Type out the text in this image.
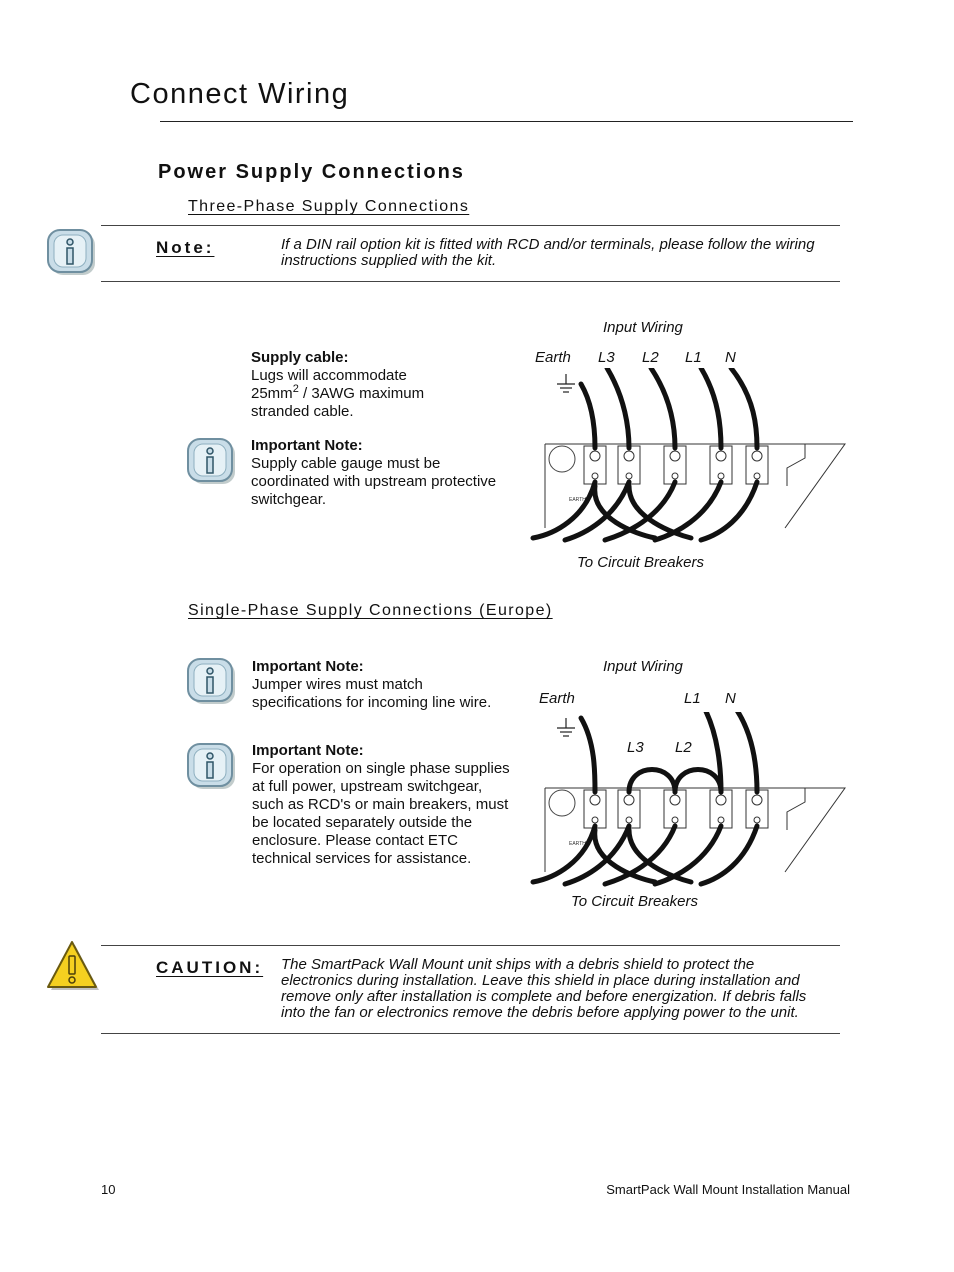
Connect Wiring
Power Supply Connections
Three-Phase Supply Connections
Note:	If a DIN rail option kit is fitted with RCD and/or terminals, please follow the wiring
instructions supplied with the kit.
Supply cable:
Lugs will accommodate
$25mm^2 / 3AWG$ maximum
stranded cable.
Important Note:
Supply cable gauge must be
coordinated with upstream protective
switchgear.
Input Wiring
Earth L3 L2 L1 N
EARTH
To Circuit Breakers
Single-Phase Supply Connections (Europe)
Important Note:
Jumper wires must match
specifications for incoming line wire.
Important Note:
For operation on single phase supplies
at full power, upstream switchgear,
such as RCD's or main breakers, must
be located separately outside the
enclosure. Please contact ETC
technical services for assistance.
Input Wiring
Earth	L1 N
L3 L2
EARTH
To Circuit Breakers
CAUTION: The SmartPack Wall Mount unit ships with a debris shield to protect the
electronics during installation. Leave this shield in place during installation and
remove only after installation is complete and before energization. If debris falls
into the fan or electronics remove the debris before applying power to the unit.
10	SmartPack Wall Mount Installation Manual
